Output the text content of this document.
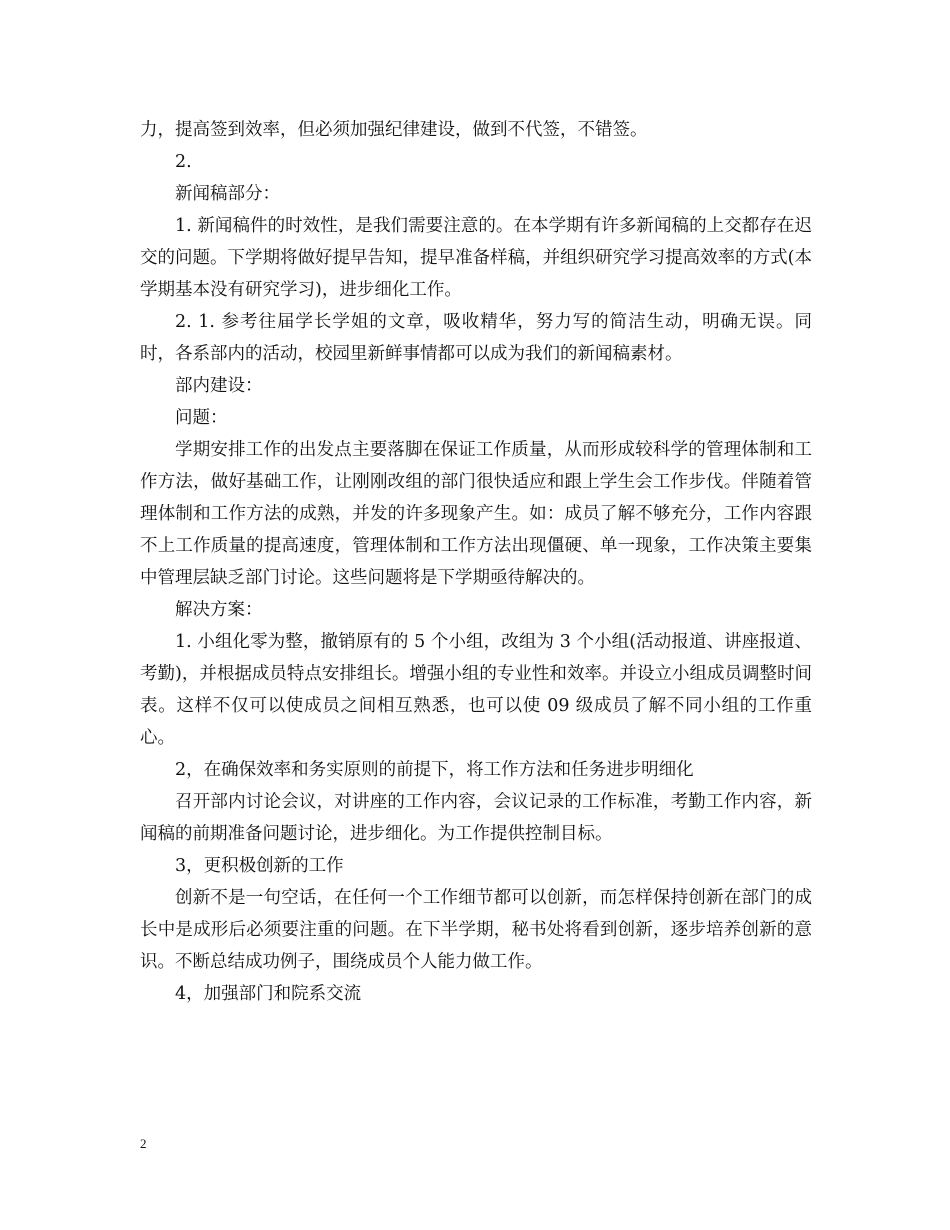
力，提高签到效率，但必须加强纪律建设，做到不代签，不错签。

2.

新闻稿部分：

1. 新闻稿件的时效性，是我们需要注意的。在本学期有许多新闻稿的上交都存在迟交的问题。下学期将做好提早告知，提早准备样稿，并组织研究学习提高效率的方式(本学期基本没有研究学习)，进步细化工作。

2. 1. 参考往届学长学姐的文章，吸收精华，努力写的简洁生动，明确无误。同时，各系部内的活动，校园里新鲜事情都可以成为我们的新闻稿素材。

部内建设：

问题：

学期安排工作的出发点主要落脚在保证工作质量，从而形成较科学的管理体制和工作方法，做好基础工作，让刚刚改组的部门很快适应和跟上学生会工作步伐。伴随着管理体制和工作方法的成熟，并发的许多现象产生。如：成员了解不够充分，工作内容跟不上工作质量的提高速度，管理体制和工作方法出现僵硬、单一现象，工作决策主要集中管理层缺乏部门讨论。这些问题将是下学期亟待解决的。

解决方案：

1. 小组化零为整，撤销原有的 5 个小组，改组为 3 个小组(活动报道、讲座报道、考勤)，并根据成员特点安排组长。增强小组的专业性和效率。并设立小组成员调整时间表。这样不仅可以使成员之间相互熟悉，也可以使 09 级成员了解不同小组的工作重心。

2，在确保效率和务实原则的前提下，将工作方法和任务进步明细化

召开部内讨论会议，对讲座的工作内容，会议记录的工作标准，考勤工作内容，新闻稿的前期准备问题讨论，进步细化。为工作提供控制目标。

3，更积极创新的工作

创新不是一句空话，在任何一个工作细节都可以创新，而怎样保持创新在部门的成长中是成形后必须要注重的问题。在下半学期，秘书处将看到创新，逐步培养创新的意识。不断总结成功例子，围绕成员个人能力做工作。

4，加强部门和院系交流

2
